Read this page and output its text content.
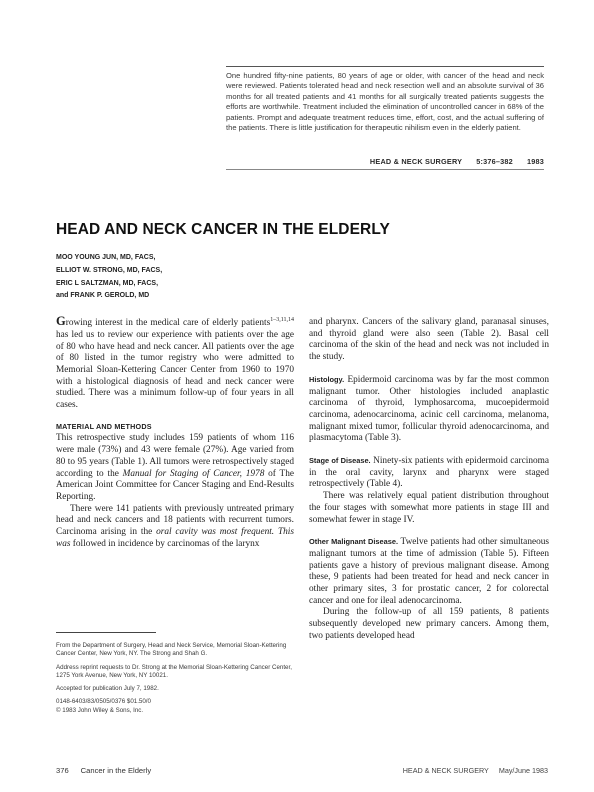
One hundred fifty-nine patients, 80 years of age or older, with cancer of the head and neck were reviewed. Patients tolerated head and neck resection well and an absolute survival of 36 months for all treated patients and 41 months for all surgically treated patients suggests the efforts are worthwhile. Treatment included the elimination of uncontrolled cancer in 68% of the patients. Prompt and adequate treatment reduces time, effort, cost, and the actual suffering of the patients. There is little justification for therapeutic nihilism even in the elderly patient.
HEAD & NECK SURGERY 5:376–382 1983
HEAD AND NECK CANCER IN THE ELDERLY
MOO YOUNG JUN, MD, FACS,
ELLIOT W. STRONG, MD, FACS,
ERIC L SALTZMAN, MD, FACS,
and FRANK P. GEROLD, MD

Growing interest in the medical care of elderly patients$^{1-3,11,14}$ has led us to review our experience with patients over the age of 80 who have head and neck cancer. All patients over the age of 80 listed in the tumor registry who were admitted to Memorial Sloan-Kettering Cancer Center from 1960 to 1970 with a histological diagnosis of head and neck cancer were studied. There was a minimum follow-up of four years in all cases.

MATERIAL AND METHODS

This retrospective study includes 159 patients of whom 116 were male (73%) and 43 were female (27%). Age varied from 80 to 95 years (Table 1). All tumors were retrospectively staged according to the Manual for Staging of Cancer, 1978 of The American Joint Committee for Cancer Staging and End-Results Reporting.

There were 141 patients with previously untreated primary head and neck cancers and 18 patients with recurrent tumors. Carcinoma arising in the oral cavity was most frequent. This was followed in incidence by carcinomas of the larynx

and pharynx. Cancers of the salivary gland, paranasal sinuses, and thyroid gland were also seen (Table 2). Basal cell carcinoma of the skin of the head and neck was not included in the study.

Histology. Epidermoid carcinoma was by far the most common malignant tumor. Other histologies included anaplastic carcinoma of thyroid, lymphosarcoma, mucoepidermoid carcinoma, adenocarcinoma, acinic cell carcinoma, melanoma, malignant mixed tumor, follicular thyroid adenocarcinoma, and plasmacytoma (Table 3).

Stage of Disease. Ninety-six patients with epidermoid carcinoma in the oral cavity, larynx and pharynx were staged retrospectively (Table 4).

There was relatively equal patient distribution throughout the four stages with somewhat more patients in stage III and somewhat fewer in stage IV.

Other Malignant Disease. Twelve patients had other simultaneous malignant tumors at the time of admission (Table 5). Fifteen patients gave a history of previous malignant disease. Among these, 9 patients had been treated for head and neck cancer in other primary sites, 3 for prostatic cancer, 2 for colorectal cancer and one for ileal adenocarcinoma.

During the follow-up of all 159 patients, 8 patients subsequently developed new primary cancers. Among them, two patients developed head

From the Department of Surgery, Head and Neck Service, Memorial Sloan-Kettering Cancer Center, New York, NY. The Strong and Shah G.

Address reprint requests to Dr. Strong at the Memorial Sloan-Kettering Cancer Center, 1275 York Avenue, New York, NY 10021.

Accepted for publication July 7, 1982.

0148-6403/83/0505/0376 $01.50/0

© 1983 John Wiley & Sons, Inc.

376 Cancer in the Elderly	HEAD & NECK SURGERY May/June 1983
